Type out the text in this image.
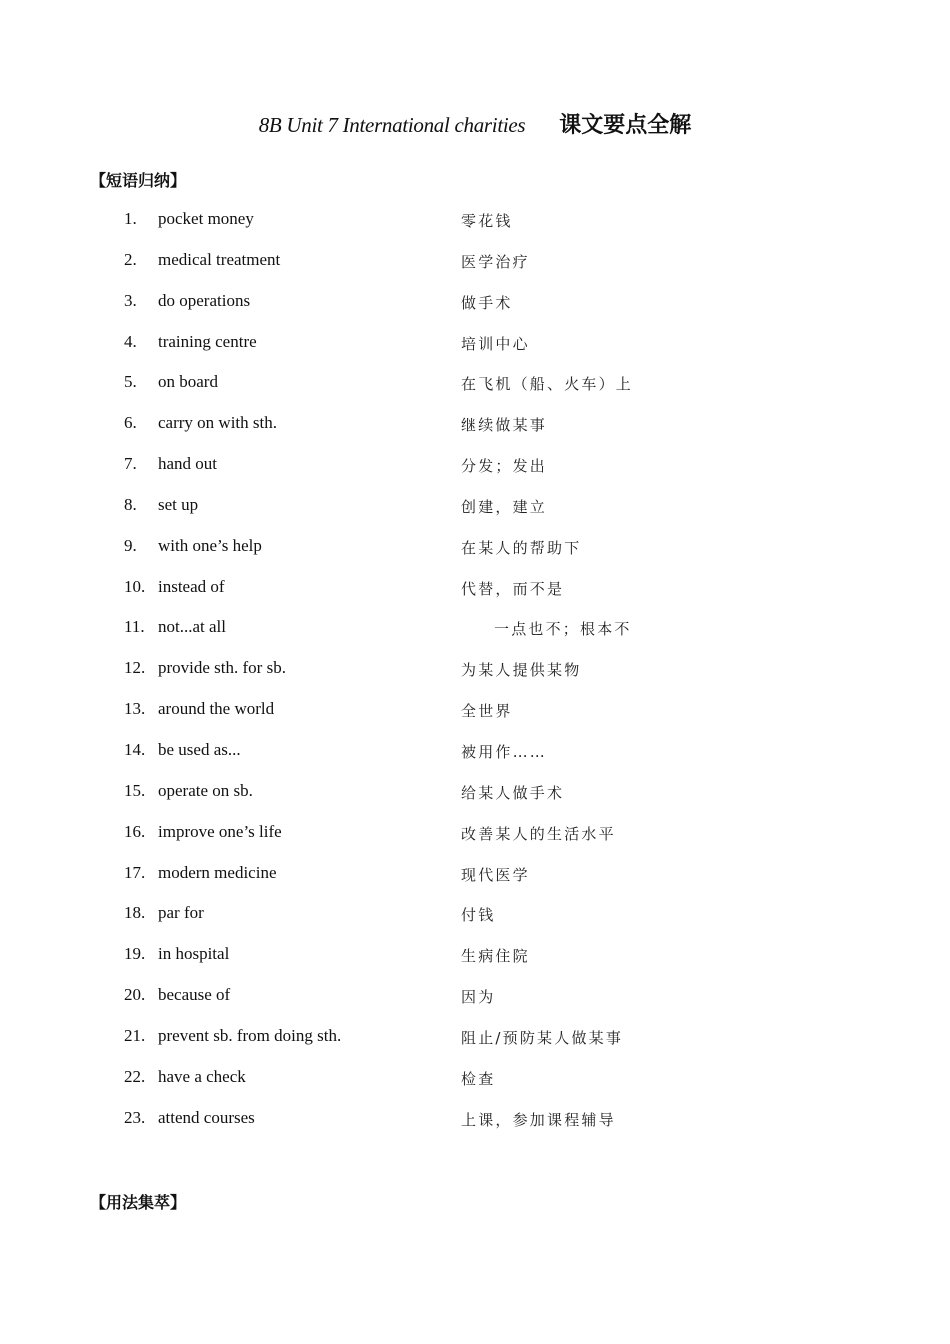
8B Unit 7 International charities 课文要点全解
【短语归纳】
1. pocket money	零花钱
2. medical treatment	医学治疗
3. do operations	做手术
4. training centre	培训中心
5. on board	在飞机（船、火车）上
6. carry on with sth.	继续做某事
7. hand out	分发；发出
8. set up	创建，建立
9. with one’s help	在某人的帮助下
10. instead of	代替，而不是
11. not...at all	一点也不；根本不
12. provide sth. for sb.	为某人提供某物
13. around the world	全世界
14. be used as...	被用作……
15. operate on sb.	给某人做手术
16. improve one’s life	改善某人的生活水平
17. modern medicine	现代医学
18. par for	付钱
19. in hospital	生病住院
20. because of	因为
21. prevent sb. from doing sth.	阻止/预防某人做某事
22. have a check	检查
23. attend courses	上课，参加课程辅导
【用法集萃】
